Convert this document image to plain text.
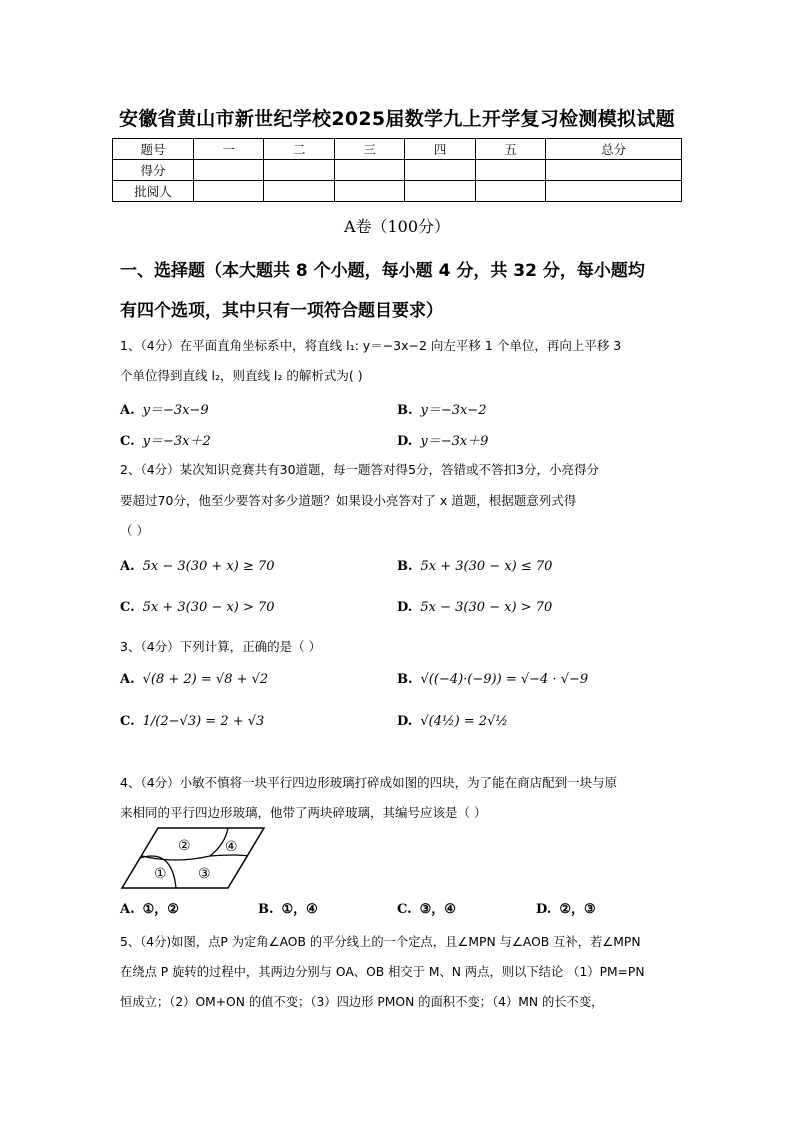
安徽省黄山市新世纪学校2025届数学九上开学复习检测模拟试题
题号	一	二	三	四	五	总分
得分						
批阅人						
A卷（100分）
一、选择题（本大题共 8 个小题，每小题 4 分，共 32 分，每小题均
有四个选项，其中只有一项符合题目要求）
1、（4分）在平面直角坐标系中，将直线 l₁: y＝−3x−2 向左平移 1 个单位，再向上平移 3
个单位得到直线 l₂，则直线 l₂ 的解析式为( )
A. y＝−3x−9	B. y＝−3x−2
C. y＝−3x＋2	D. y＝−3x＋9
2、（4分）某次知识竞赛共有30道题，每一题答对得5分，答错或不答扣3分，小亮得分
要超过70分，他至少要答对多少道题？如果设小亮答对了 x 道题，根据题意列式得
（ ）
A. 5x − 3(30 + x) ≥ 70	B. 5x + 3(30 − x) ≤ 70
C. 5x + 3(30 − x) > 70	D. 5x − 3(30 − x) > 70
3、（4分）下列计算，正确的是（ ）
A. √(8 + 2) = √8 + √2	B. √((−4)·(−9)) = √−4 · √−9
C. 1/(2−√3) = 2 + √3	D. √(4½) = 2√½
4、（4分）小敏不慎将一块平行四边形玻璃打碎成如图的四块，为了能在商店配到一块与原
来相同的平行四边形玻璃，他带了两块碎玻璃，其编号应该是（ ）
①
②
③
④
A. ①，②	B. ①，④	C. ③，④	D. ②，③
5、（4分)如图，点P 为定角∠AOB 的平分线上的一个定点，且∠MPN 与∠AOB 互补，若∠MPN
在绕点 P 旋转的过程中，其两边分别与 OA、OB 相交于 M、N 两点，则以下结论 （1）PM=PN
恒成立；（2）OM+ON 的值不变；（3）四边形 PMON 的面积不变；（4）MN 的长不变，
